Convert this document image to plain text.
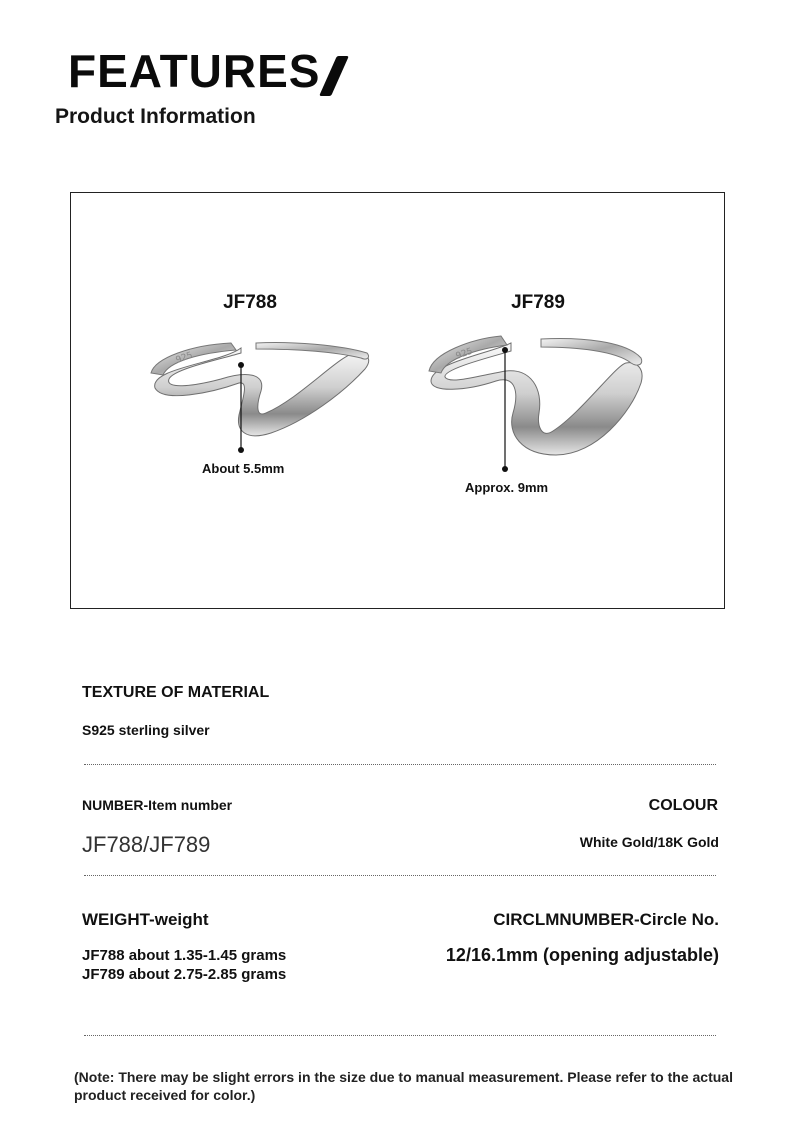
FEATURES
Product Information
JF788	JF789
925	925
About 5.5mm
Approx. 9mm
TEXTURE OF MATERIAL
S925 sterling silver
NUMBER-Item number
JF788/JF789
COLOUR
White Gold/18K Gold
WEIGHT-weight
JF788 about 1.35-1.45 grams JF789 about 2.75-2.85 grams
CIRCLMNUMBER-Circle No.
12/16.1mm (opening adjustable)
(Note: There may be slight errors in the size due to manual measurement. Please refer to the actual product received for color.)
